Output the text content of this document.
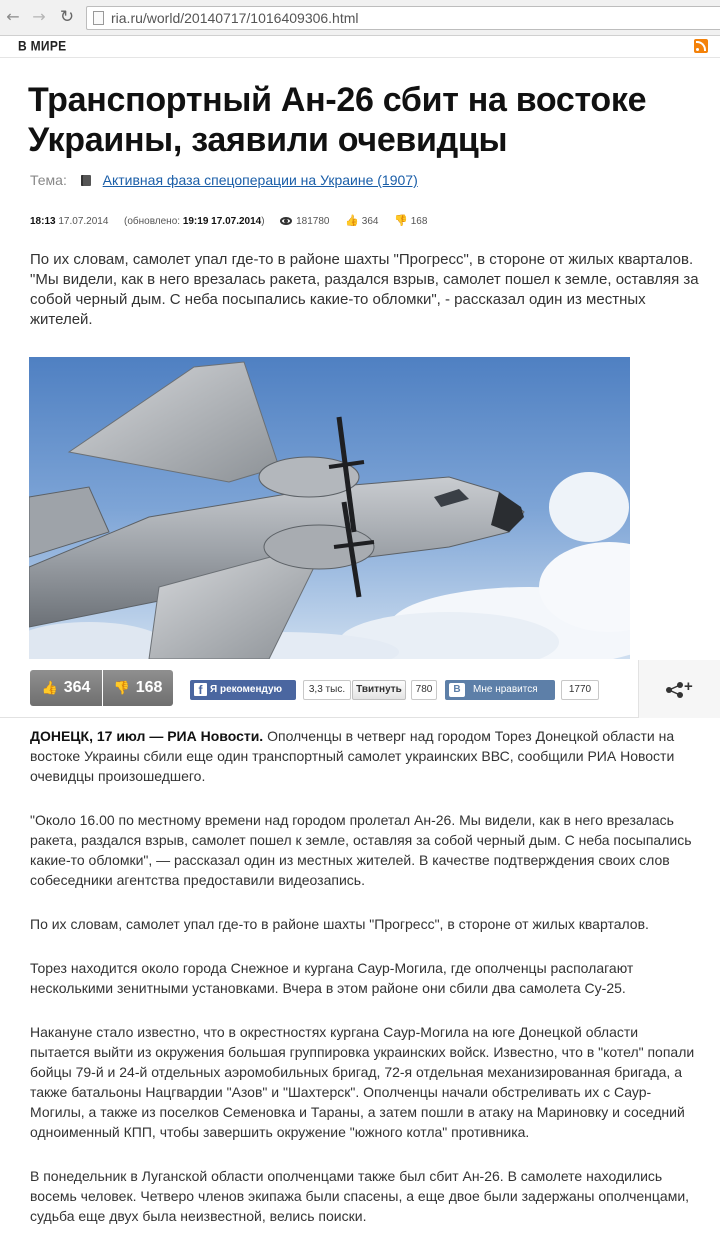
← → ↻	ria.ru/world/20140717/1016409306.html
В МИРЕ
Транспортный Ан-26 сбит на востоке Украины, заявили очевидцы
Тема:	Активная фаза спецоперации на Украине (1907)
18:13 17.07.2014 (обновлено: 19:19 17.07.2014)	181780 👍 364 👎 168

По их словам, самолет упал где-то в районе шахты "Прогресс", в стороне от жилых кварталов. "Мы видели, как в него врезалась ракета, раздался взрыв, самолет пошел к земле, оставляя за собой черный дым. С неба посыпались какие-то обломки", - рассказал один из местных жителей.

👍 364	👎 168	f Я рекомендую	3,3 тыс.	Твитнуть	780	B Мне нравится	1770	+

ДОНЕЦК, 17 июл — РИА Новости. Ополченцы в четверг над городом Торез Донецкой области на востоке Украины сбили еще один транспортный самолет украинских ВВС, сообщили РИА Новости очевидцы произошедшего.

"Около 16.00 по местному времени над городом пролетал Ан-26. Мы видели, как в него врезалась ракета, раздался взрыв, самолет пошел к земле, оставляя за собой черный дым. С неба посыпались какие-то обломки", — рассказал один из местных жителей. В качестве подтверждения своих слов собеседники агентства предоставили видеозапись.

По их словам, самолет упал где-то в районе шахты "Прогресс", в стороне от жилых кварталов.

Торез находится около города Снежное и кургана Саур-Могила, где ополченцы располагают несколькими зенитными установками. Вчера в этом районе они сбили два самолета Су-25.

Накануне стало известно, что в окрестностях кургана Саур-Могила на юге Донецкой области пытается выйти из окружения большая группировка украинских войск. Известно, что в "котел" попали бойцы 79-й и 24-й отдельных аэромобильных бригад, 72-я отдельная механизированная бригада, а также батальоны Нацгвардии "Азов" и "Шахтерск". Ополченцы начали обстреливать их с Саур-Могилы, а также из поселков Семеновка и Тараны, а затем пошли в атаку на Мариновку и соседний одноименный КПП, чтобы завершить окружение "южного котла" противника.

В понедельник в Луганской области ополченцами также был сбит Ан-26. В самолете находились восемь человек. Четверо членов экипажа были спасены, а еще двое были задержаны ополченцами, судьба еще двух была неизвестной, велись поиски.
